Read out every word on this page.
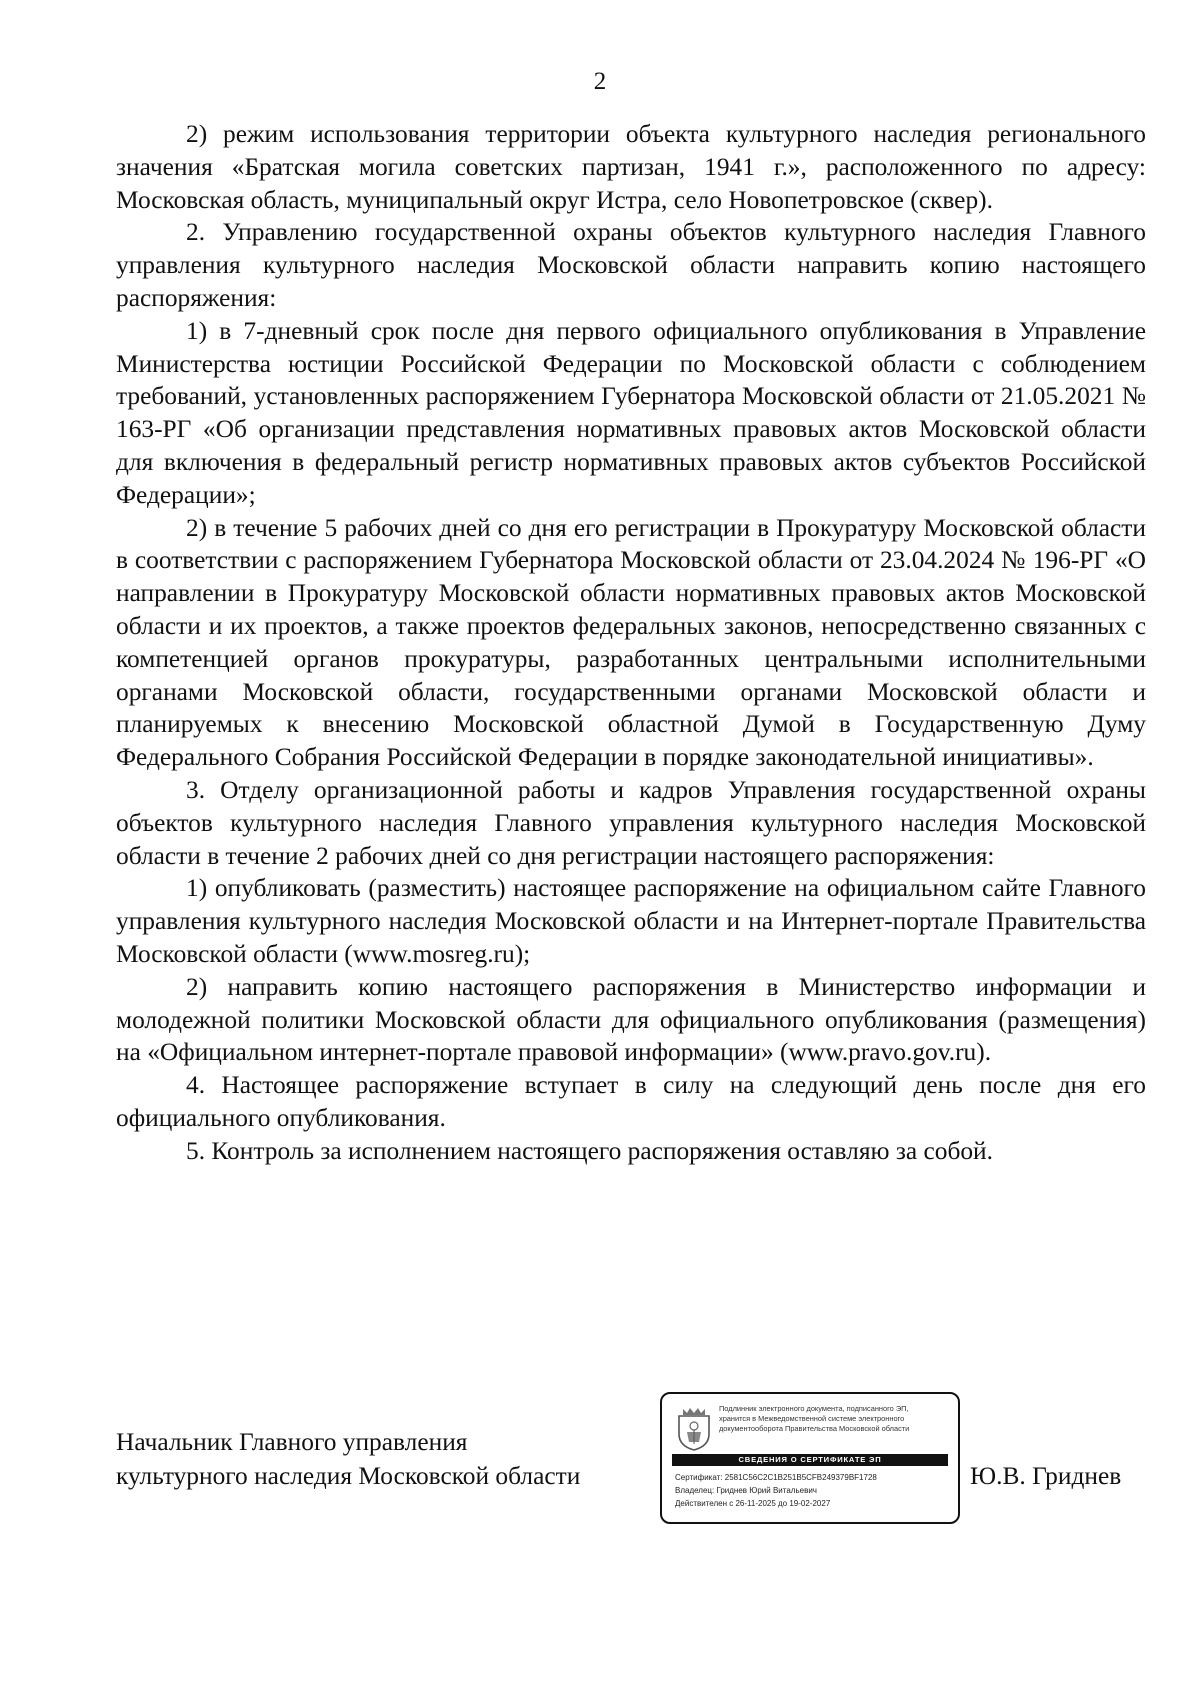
2

2) режим использования территории объекта культурного наследия регионального значения «Братская могила советских партизан, 1941 г.», расположенного по адресу: Московская область, муниципальный округ Истра, село Новопетровское (сквер).

2. Управлению государственной охраны объектов культурного наследия Главного управления культурного наследия Московской области направить копию настоящего распоряжения:

1) в 7-дневный срок после дня первого официального опубликования в Управление Министерства юстиции Российской Федерации по Московской области с соблюдением требований, установленных распоряжением Губернатора Московской области от 21.05.2021 № 163-РГ «Об организации представления нормативных правовых актов Московской области для включения в федеральный регистр нормативных правовых актов субъектов Российской Федерации»;

2) в течение 5 рабочих дней со дня его регистрации в Прокуратуру Московской области в соответствии с распоряжением Губернатора Московской области от 23.04.2024 № 196-РГ «О направлении в Прокуратуру Московской области нормативных правовых актов Московской области и их проектов, а также проектов федеральных законов, непосредственно связанных с компетенцией органов прокуратуры, разработанных центральными исполнительными органами Московской области, государственными органами Московской области и планируемых к внесению Московской областной Думой в Государственную Думу Федерального Собрания Российской Федерации в порядке законодательной инициативы».

3. Отделу организационной работы и кадров Управления государственной охраны объектов культурного наследия Главного управления культурного наследия Московской области в течение 2 рабочих дней со дня регистрации настоящего распоряжения:

1) опубликовать (разместить) настоящее распоряжение на официальном сайте Главного управления культурного наследия Московской области и на Интернет-портале Правительства Московской области (www.mosreg.ru);

2) направить копию настоящего распоряжения в Министерство информации и молодежной политики Московской области для официального опубликования (размещения) на «Официальном интернет-портале правовой информации» (www.pravo.gov.ru).

4. Настоящее распоряжение вступает в силу на следующий день после дня его официального опубликования.

5. Контроль за исполнением настоящего распоряжения оставляю за собой.

Начальник Главного управления
культурного наследия Московской области
Подлинник электронного документа, подписанного ЭП,
хранится в Межведомственной системе электронного
документооборота Правительства Московской области
СВЕДЕНИЯ О СЕРТИФИКАТЕ ЭП
Сертификат: 2581C56C2C1B251B5CFB249379BF1728
Владелец: Гриднев Юрий Витальевич
Действителен с 26-11-2025 до 19-02-2027
Ю.В. Гриднев
